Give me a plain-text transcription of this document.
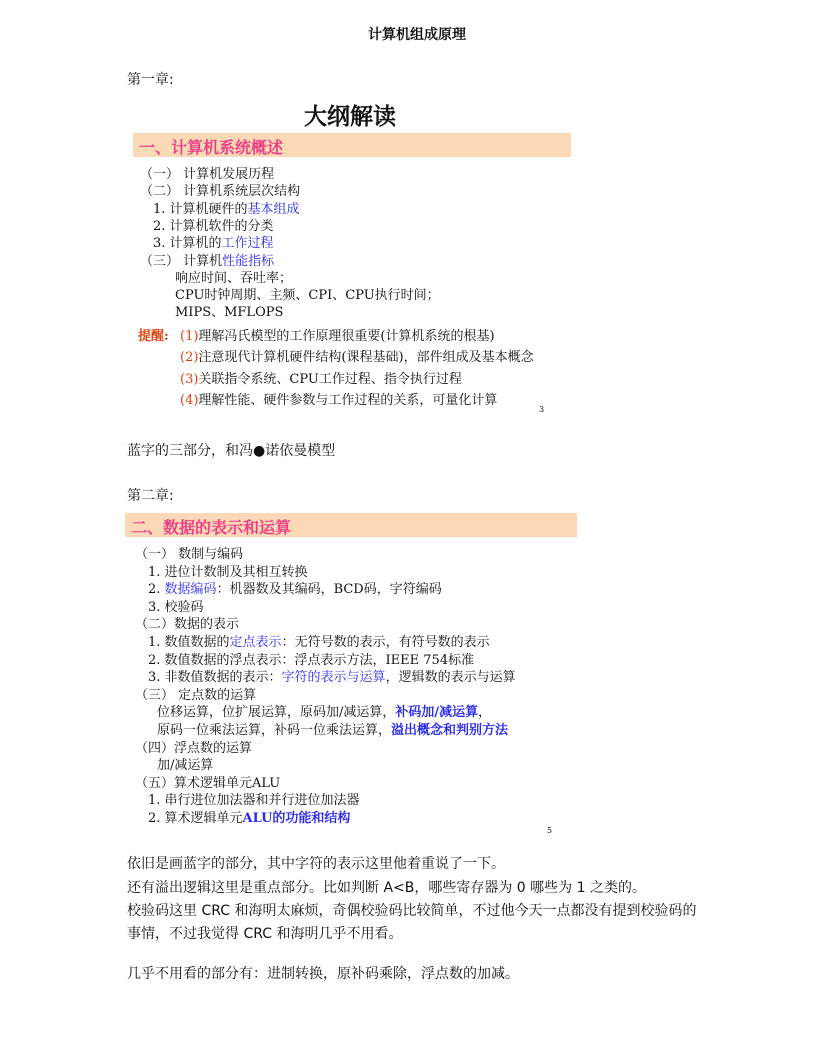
计算机组成原理
第一章:
大纲解读
一、计算机系统概述
（一） 计算机发展历程
（二） 计算机系统层次结构
1. 计算机硬件的基本组成
2. 计算机软件的分类
3. 计算机的工作过程
（三） 计算机性能指标
响应时间、吞吐率；
CPU时钟周期、主频、CPI、CPU执行时间；
MIPS、MFLOPS
提醒: (1)理解冯氏模型的工作原理很重要(计算机系统的根基)
(2)注意现代计算机硬件结构(课程基础)，部件组成及基本概念
(3)关联指令系统、CPU工作过程、指令执行过程
(4)理解性能、硬件参数与工作过程的关系，可量化计算
3
蓝字的三部分，和冯●诺依曼模型
第二章:
二、数据的表示和运算
（一） 数制与编码
1. 进位计数制及其相互转换
2. 数据编码：机器数及其编码，BCD码，字符编码
3. 校验码
（二）数据的表示
1. 数值数据的定点表示：无符号数的表示，有符号数的表示
2. 数值数据的浮点表示：浮点表示方法，IEEE 754标准
3. 非数值数据的表示：字符的表示与运算，逻辑数的表示与运算
（三） 定点数的运算
位移运算，位扩展运算，原码加/减运算，补码加/减运算，
原码一位乘法运算，补码一位乘法运算，溢出概念和判别方法
（四）浮点数的运算
加/减运算
（五）算术逻辑单元ALU
1. 串行进位加法器和并行进位加法器
2. 算术逻辑单元ALU的功能和结构
5
依旧是画蓝字的部分，其中字符的表示这里他着重说了一下。
还有溢出逻辑这里是重点部分。比如判断 A<B，哪些寄存器为 0 哪些为 1 之类的。
校验码这里 CRC 和海明太麻烦，奇偶校验码比较简单，不过他今天一点都没有提到校验码的
事情，不过我觉得 CRC 和海明几乎不用看。
几乎不用看的部分有：进制转换，原补码乘除，浮点数的加减。
